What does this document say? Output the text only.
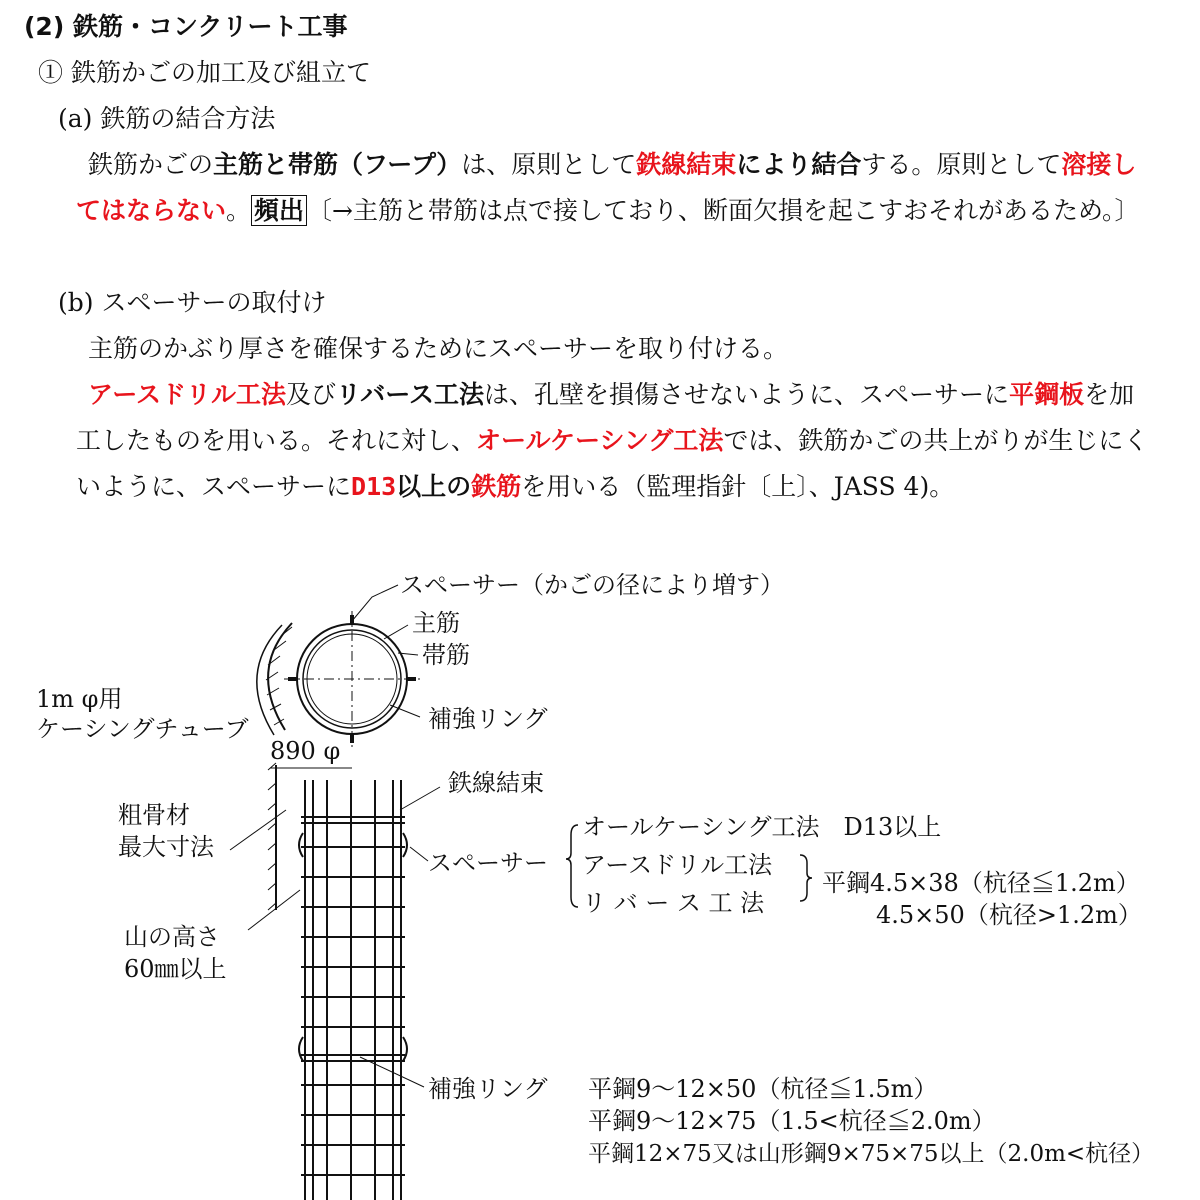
(2) 鉄筋・コンクリート工事
① 鉄筋かごの加工及び組立て
(a) 鉄筋の結合方法
鉄筋かごの主筋と帯筋（フープ）は、原則として鉄線結束により結合する。原則として溶接し
てはならない。 頻出 〔→主筋と帯筋は点で接しており、断面欠損を起こすおそれがあるため。〕
(b) スペーサーの取付け
主筋のかぶり厚さを確保するためにスペーサーを取り付ける。
アースドリル工法及びリバース工法は、孔壁を損傷させないように、スペーサーに平鋼板を加
工したものを用いる。それに対し、オールケーシング工法では、鉄筋かごの共上がりが生じにく
いように、スペーサーにD13以上の鉄筋を用いる（監理指針〔上〕、JASS 4)。
スペーサー（かごの径により増す）
主筋
帯筋
補強リング
1m φ用
ケーシングチューブ
890 φ
鉄線結束
粗骨材
最大寸法
スペーサー
オールケーシング工法　D13以上
アースドリル工法
リ バ ー ス 工 法
平鋼4.5×38（杭径≦1.2m）
4.5×50（杭径>1.2m）
山の高さ
60㎜以上
補強リング 平鋼9～12×50（杭径≦1.5m）
平鋼9～12×75（1.5<杭径≦2.0m）
平鋼12×75又は山形鋼9×75×75以上（2.0m<杭径）
